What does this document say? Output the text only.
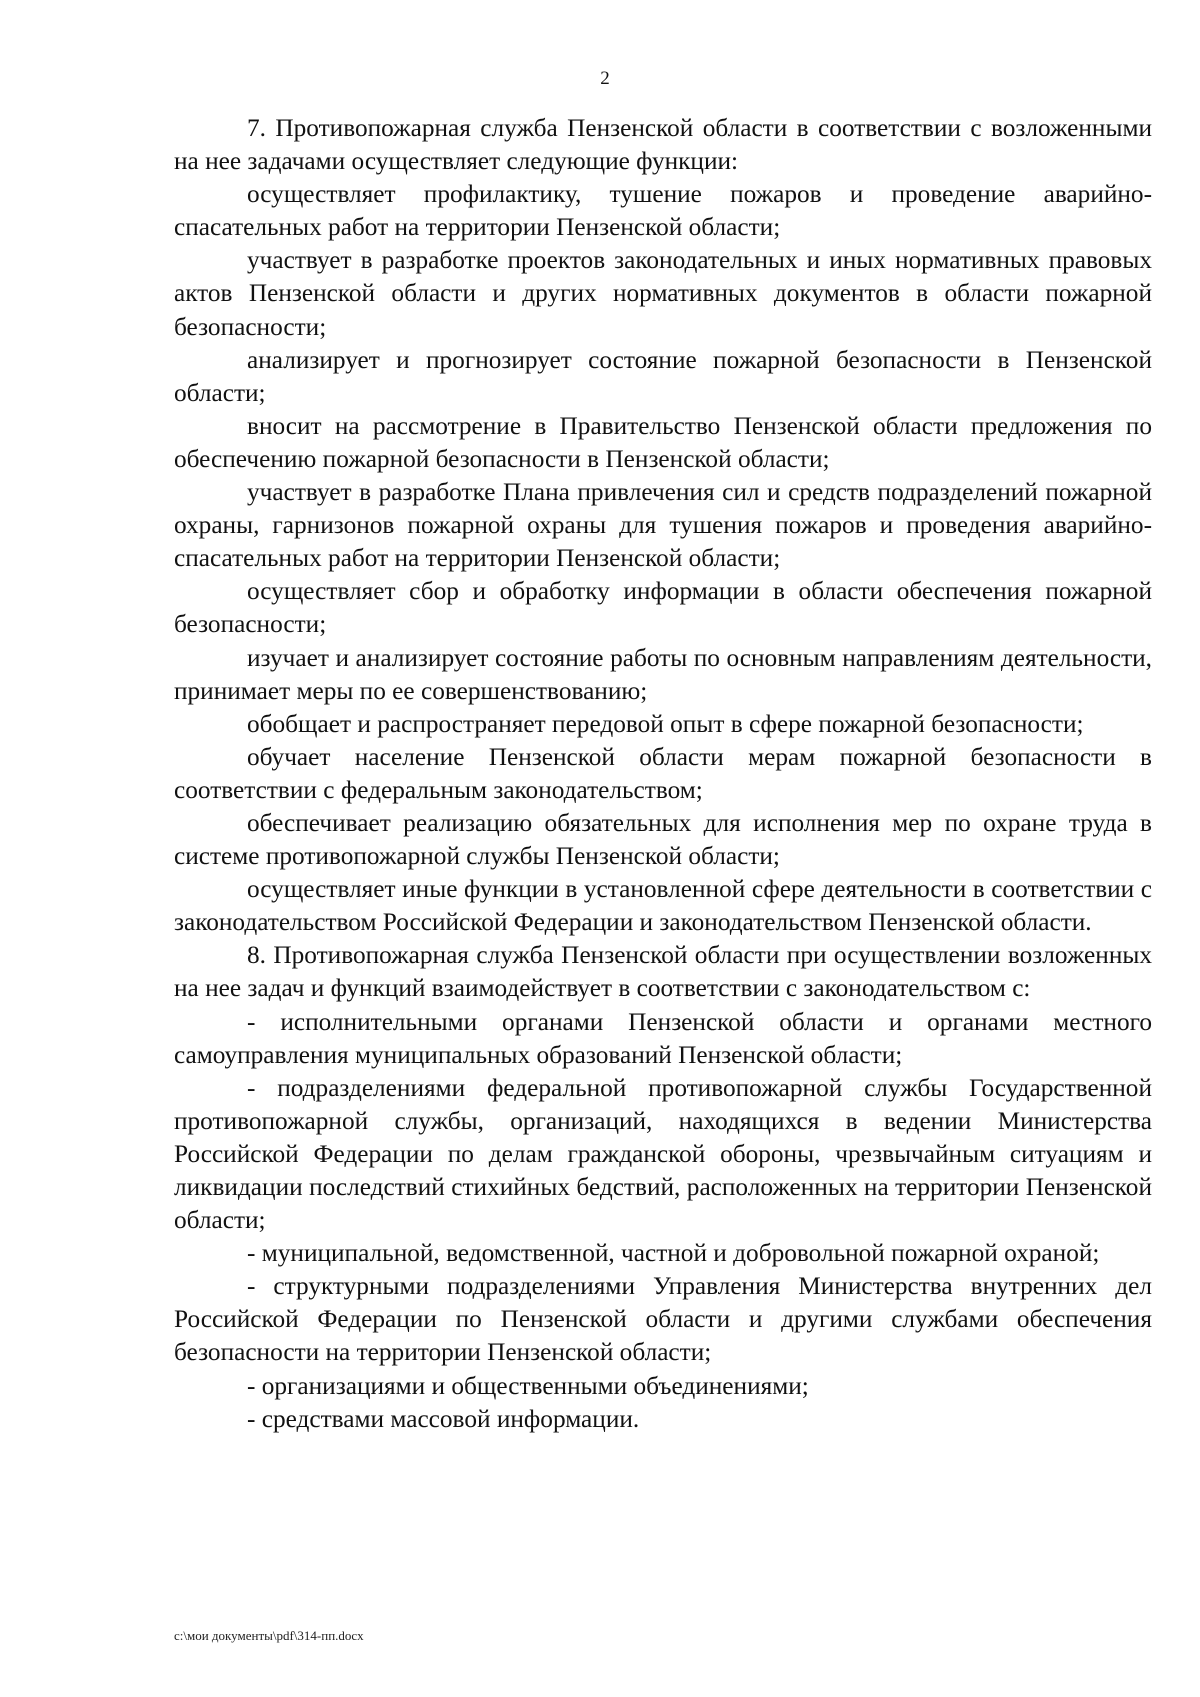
2

7. Противопожарная служба Пензенской области в соответствии с возложенными на нее задачами осуществляет следующие функции:

осуществляет профилактику, тушение пожаров и проведение аварийно-спасательных работ на территории Пензенской области;

участвует в разработке проектов законодательных и иных нормативных правовых актов Пензенской области и других нормативных документов в области пожарной безопасности;

анализирует и прогнозирует состояние пожарной безопасности в Пензенской области;

вносит на рассмотрение в Правительство Пензенской области предложения по обеспечению пожарной безопасности в Пензенской области;

участвует в разработке Плана привлечения сил и средств подразделений пожарной охраны, гарнизонов пожарной охраны для тушения пожаров и проведения аварийно-спасательных работ на территории Пензенской области;

осуществляет сбор и обработку информации в области обеспечения пожарной безопасности;

изучает и анализирует состояние работы по основным направлениям деятельности, принимает меры по ее совершенствованию;

обобщает и распространяет передовой опыт в сфере пожарной безопасности;

обучает население Пензенской области мерам пожарной безопасности в соответствии с федеральным законодательством;

обеспечивает реализацию обязательных для исполнения мер по охране труда в системе противопожарной службы Пензенской области;

осуществляет иные функции в установленной сфере деятельности в соответствии с законодательством Российской Федерации и законодательством Пензенской области.

8. Противопожарная служба Пензенской области при осуществлении возложенных на нее задач и функций взаимодействует в соответствии с законодательством с:

- исполнительными органами Пензенской области и органами местного самоуправления муниципальных образований Пензенской области;

- подразделениями федеральной противопожарной службы Государственной противопожарной службы, организаций, находящихся в ведении Министерства Российской Федерации по делам гражданской обороны, чрезвычайным ситуациям и ликвидации последствий стихийных бедствий, расположенных на территории Пензенской области;

- муниципальной, ведомственной, частной и добровольной пожарной охраной;

- структурными подразделениями Управления Министерства внутренних дел Российской Федерации по Пензенской области и другими службами обеспечения безопасности на территории Пензенской области;

- организациями и общественными объединениями;

- средствами массовой информации.

c:\мои документы\pdf\314-пп.docx
